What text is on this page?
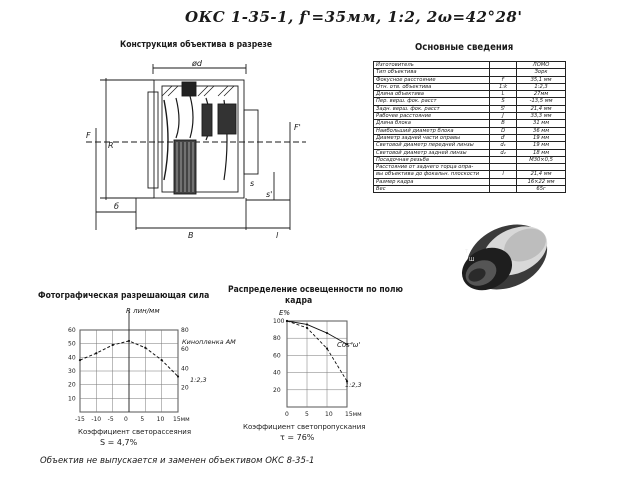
ОКС 1-35-1, f'=35мм, 1:2, 2ω=42°28'
Конструкция объектива в разрезе	Основные сведения
ød
F
F'
R
б
B
s'
l
s
Изготовитель		ЛОМО
Тип объектива		Зорк
Фокусное расстояние	f'	35,1 мм
Отн. отв. объектива	1:k	1:2,3
Длина объектива	L	27мм
Пер. верш. фок. расст	S	-13,5 мм
Задн. верш. фок. расст	S'	21,4 мм
Рабочее расстояние	J	33,3 мм
Длина блока	B	31 мм
Наибольший диаметр блока	D	36 мм
Диаметр задней части оправы	d'	19 мм
Световой диаметр передней линзы	d₁	19 мм
Световой диаметр задней линзы	d₂	18 мм
Посадочная резьба		М30×0,5
Расстояние от заднего торца опра-		
вы объектива до фокальн. плоскости	l	21,4 мм
Размер кадра		16×22 мм
Вес		65г
Т
Ш
Фотографическая разрешающая сила
60
50
40
30
20
10
80
60
40
20
-15 -10 -5 0 5 10 15мм
R лин/мм
Кинопленка АМ
1:2,3
Коэффициент светорассеяния
S = 4,7%
Распределение освещенности по полю
кадра
100
80
60
40
20
0	5	10 15мм
E%
Cos⁴ω'
1:2,3
Коэффициент светопропускания
τ = 76%
Объектив не выпускается и заменен объективом ОКС 8-35-1
